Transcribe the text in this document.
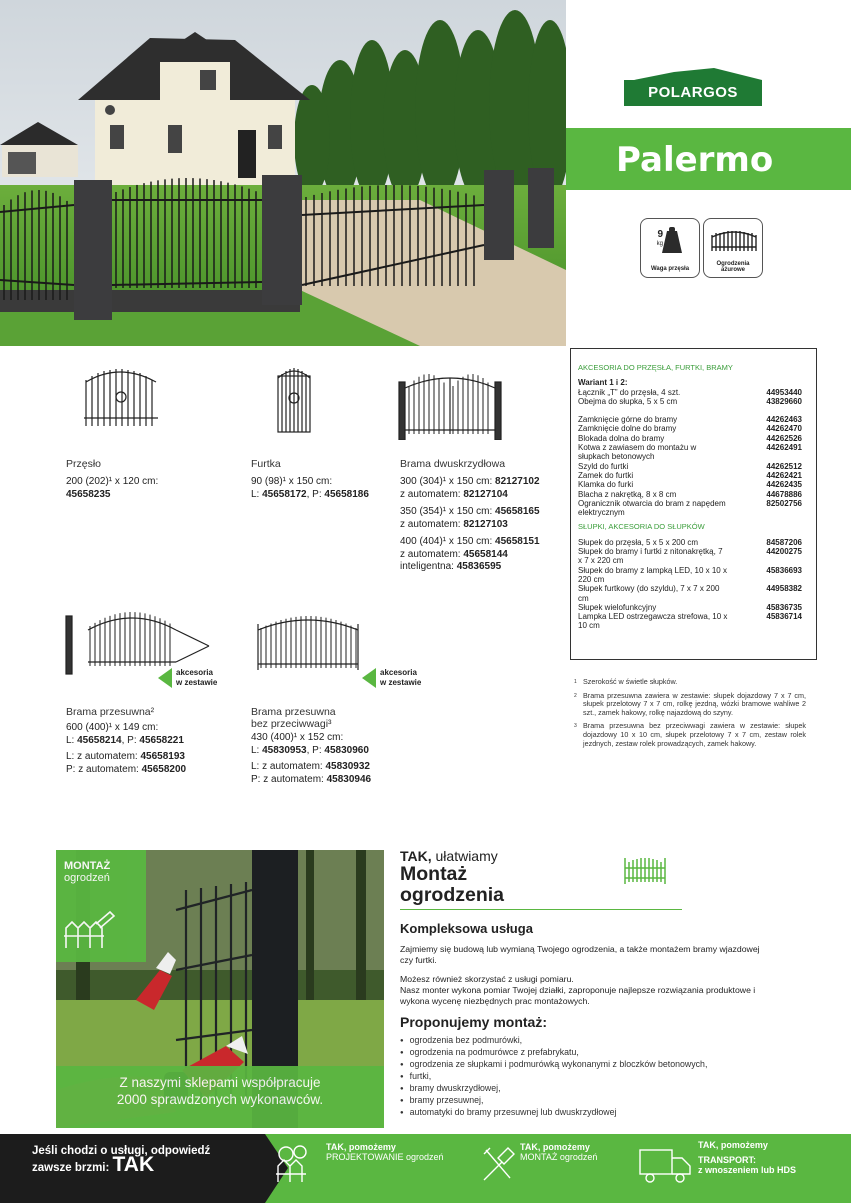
POLARGOS
Palermo
9
kg
Waga przęsła
Ogrodzenia ażurowe
akcesoria
w zestawie
akcesoria
w zestawie
Przęsło
200 (202)¹ x 120 cm:
45658235
Furtka
90 (98)¹ x 150 cm:
L: 45658172, P: 45658186
Brama dwuskrzydłowa
300 (304)¹ x 150 cm: 82127102
z automatem: 82127104
350 (354)¹ x 150 cm: 45658165
z automatem: 82127103
400 (404)¹ x 150 cm: 45658151
z automatem: 45658144
inteligentna: 45836595
Brama przesuwna²
600 (400)¹ x 149 cm:
L: 45658214, P: 45658221
L: z automatem: 45658193
P: z automatem: 45658200
Brama przesuwna
bez przeciwwagi³
430 (400)¹ x 152 cm:
L: 45830953, P: 45830960
L: z automatem: 45830932
P: z automatem: 45830946
AKCESORIA DO PRZĘSŁA, FURTKI, BRAMY
Wariant 1 i 2:
Łącznik „T” do przęsła, 4 szt.	44953440
Obejma do słupka, 5 x 5 cm	43829660
Zamknięcie górne do bramy	44262463
Zamknięcie dolne do bramy	44262470
Blokada dolna do bramy	44262526
Kotwa z zawiasem do montażu w słupkach betonowych
44262491
Szyld do furtki	44262512
Zamek do furtki	44262421
Klamka do furki	44262435
Blacha z nakrętką, 8 x 8 cm	44678886
Ogranicznik otwarcia do bram z napędem elektrycznym
82502756
SŁUPKI, AKCESORIA DO SŁUPKÓW
Słupek do przęsła, 5 x 5 x 200 cm	84587206
Słupek do bramy i furtki z nitonakrętką, 7 x 7 x 220 cm
44200275
Słupek do bramy z lampką LED, 10 x 10 x 220 cm
45836693
Słupek furtkowy (do szyldu), 7 x 7 x 200 cm
44958382
Słupek wielofunkcyjny	45836735
Lampka LED ostrzegawcza strefowa, 10 x 10 cm
45836714
1 Szerokość w świetle słupków.
2 Brama przesuwna zawiera w zestawie: słupek dojazdowy 7 x 7 cm, słupek przelotowy 7 x 7 cm, rolkę jezdną, wózki bramowe wahliwe 2 szt., zamek hakowy, rolkę najazdową do szyny.
3 Brama przesuwna bez przeciwwagi zawiera w zestawie: słupek dojazdowy 10 x 10 cm, słupek przelotowy 7 x 7 cm, zestaw rolek jezdnych, zestaw rolek prowadzących, zamek hakowy.
MONTAŻ
ogrodzeń
Z naszymi sklepami współpracuje
2000 sprawdzonych wykonawców.
TAK, ułatwiamy
Montaż
ogrodzenia
Kompleksowa usługa
Zajmiemy się budową lub wymianą Twojego ogrodzenia, a także montażem bramy wjazdowej czy furtki.
Możesz również skorzystać z usługi pomiaru.
Nasz monter wykona pomiar Twojej działki, zaproponuje najlepsze rozwiązania produktowe i wykona wycenę niezbędnych prac montażowych.
Proponujemy montaż:
● ogrodzenia bez podmurówki,
● ogrodzenia na podmurówce z prefabrykatu,
● ogrodzenia ze słupkami i podmurówką wykonanymi z bloczków betonowych,
● furtki,
● bramy dwuskrzydłowej,
● bramy przesuwnej,
● automatyki do bramy przesuwnej lub dwuskrzydłowej
Jeśli chodzi o usługi, odpowiedź
zawsze brzmi: TAK
TAK, pomożemy
PROJEKTOWANIE ogrodzeń
TAK, pomożemy
MONTAŻ ogrodzeń
TAK, pomożemy
TRANSPORT:
z wnoszeniem lub HDS
